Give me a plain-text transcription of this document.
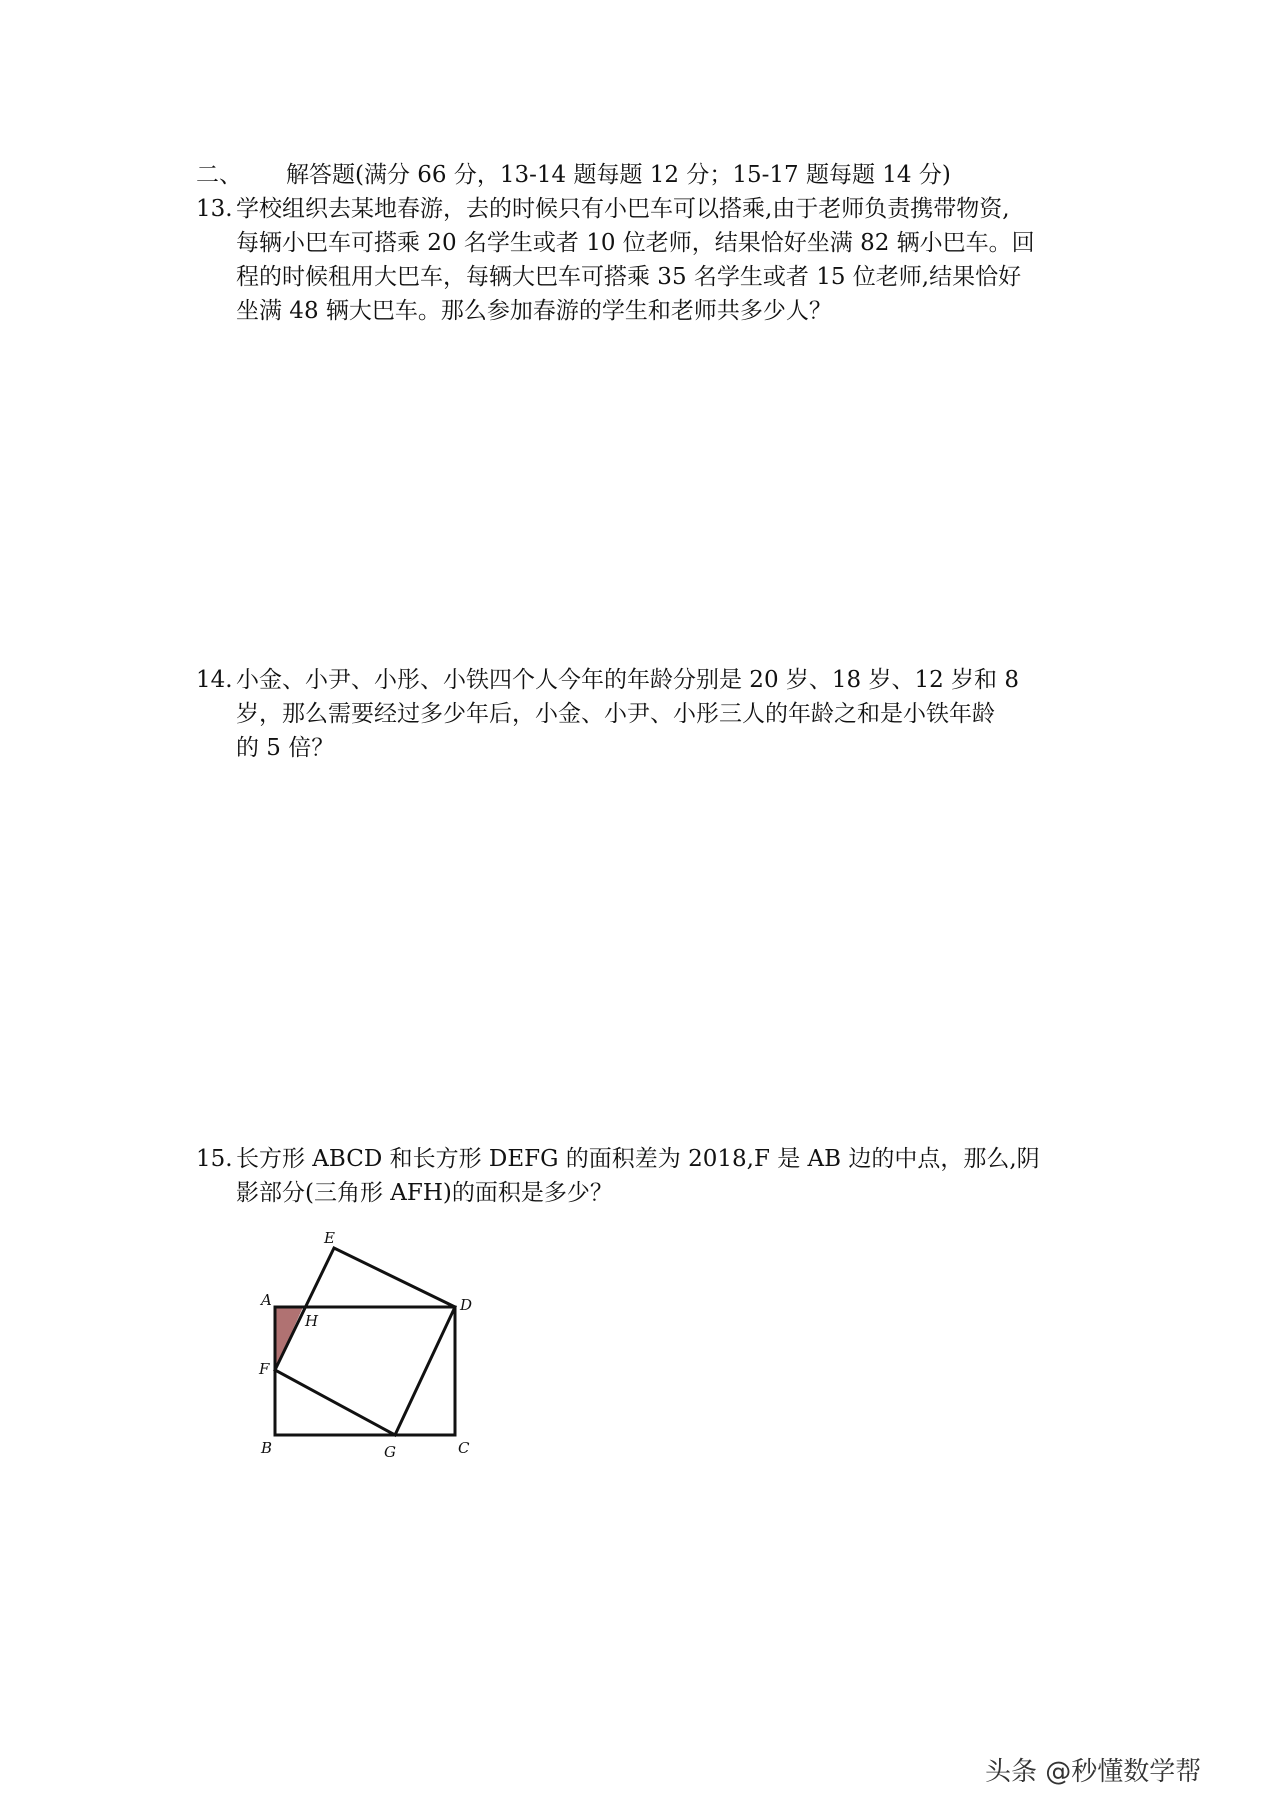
二、 解答题(满分 66 分，13-14 题每题 12 分；15-17 题每题 14 分)
13. 学校组织去某地春游，去的时候只有小巴车可以搭乘,由于老师负责携带物资,
每辆小巴车可搭乘 20 名学生或者 10 位老师，结果恰好坐满 82 辆小巴车。回
程的时候租用大巴车，每辆大巴车可搭乘 35 名学生或者 15 位老师,结果恰好
坐满 48 辆大巴车。那么参加春游的学生和老师共多少人？
14. 小金、小尹、小彤、小铁四个人今年的年龄分别是 20 岁、18 岁、12 岁和 8
岁，那么需要经过多少年后，小金、小尹、小彤三人的年龄之和是小铁年龄
的 5 倍？
15. 长方形 ABCD 和长方形 DEFG 的面积差为 2018,F 是 AB 边的中点，那么,阴
影部分(三角形 AFH)的面积是多少？
E
A
H
D
F
B	G	C
头条 @秒懂数学帮
